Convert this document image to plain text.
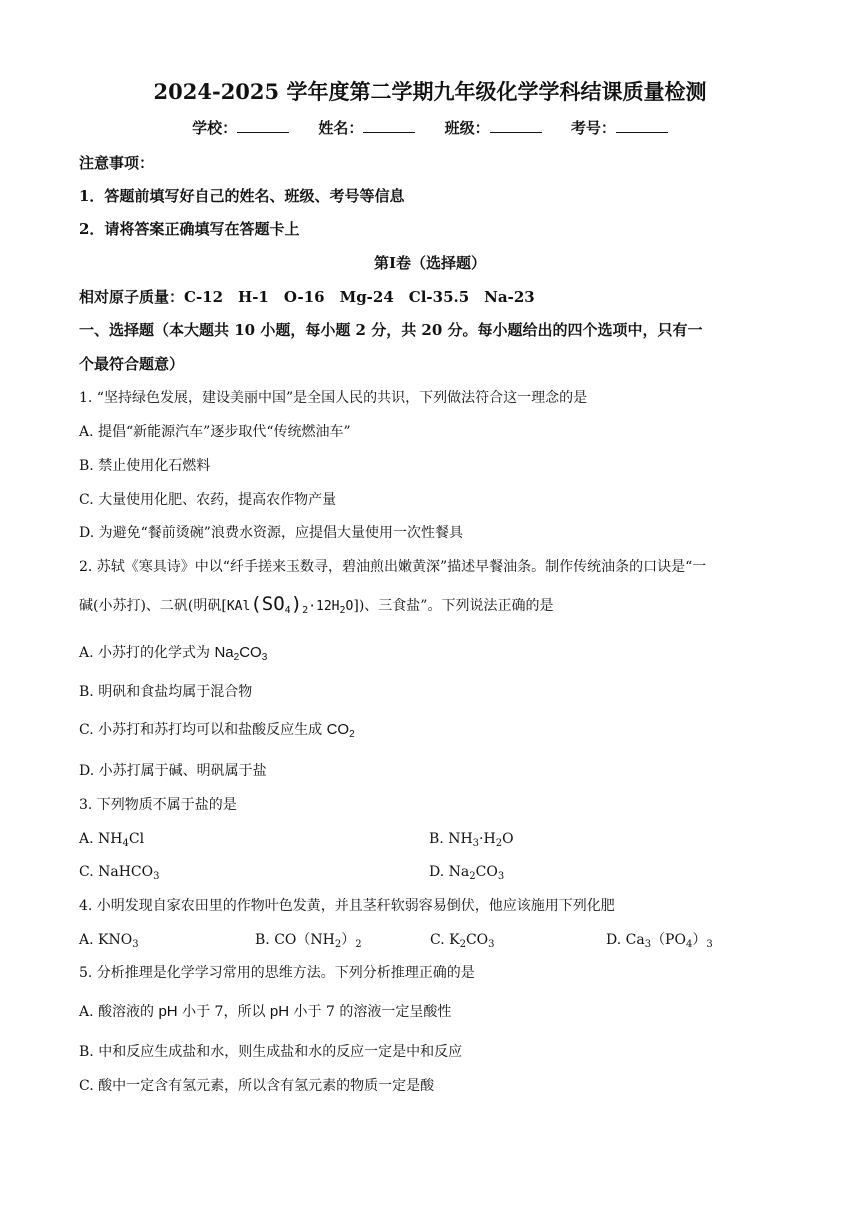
2024-2025 学年度第二学期九年级化学学科结课质量检测
学校：	姓名：	班级：	考号：
注意事项：
1．答题前填写好自己的姓名、班级、考号等信息
2．请将答案正确填写在答题卡上
第Ⅰ卷（选择题）
相对原子质量：C-12　H-1　O-16　Mg-24　Cl-35.5　Na-23
一、选择题（本大题共 10 小题，每小题 2 分，共 20 分。每小题给出的四个选项中，只有一
个最符合题意）
1. “坚持绿色发展，建设美丽中国”是全国人民的共识，下列做法符合这一理念的是
A. 提倡“新能源汽车”逐步取代“传统燃油车”
B. 禁止使用化石燃料
C. 大量使用化肥、农药，提高农作物产量
D. 为避免“餐前烫碗”浪费水资源，应提倡大量使用一次性餐具
2. 苏轼《寒具诗》中以“纤手搓来玉数寻，碧油煎出嫩黄深”描述早餐油条。制作传统油条的口诀是“一
碱(小苏打)、二矾(明矾$[KAl(SO_4)_2\cdot 12H_2O]$)、三食盐”。下列说法正确的是
A. 小苏打的化学式为 $Na_2CO_3$
B. 明矾和食盐均属于混合物
C. 小苏打和苏打均可以和盐酸反应生成 $CO_2$
D. 小苏打属于碱、明矾属于盐
3. 下列物质不属于盐的是
A. $NH_4Cl$	B. $NH_3\cdot H_2O$
C. NaHCO$_3$	D. $Na_2CO_3$
4. 小明发现自家农田里的作物叶色发黄，并且茎秆软弱容易倒伏，他应该施用下列化肥
A. $KNO_3$	B. $CO(NH_2)_2$	C. $K_2CO_3$	D. $Ca_3(PO_4)_3$
5. 分析推理是化学学习常用的思维方法。下列分析推理正确的是
A. 酸溶液的 pH 小于 7，所以 pH 小于 7 的溶液一定呈酸性
B. 中和反应生成盐和水，则生成盐和水的反应一定是中和反应
C. 酸中一定含有氢元素，所以含有氢元素的物质一定是酸
